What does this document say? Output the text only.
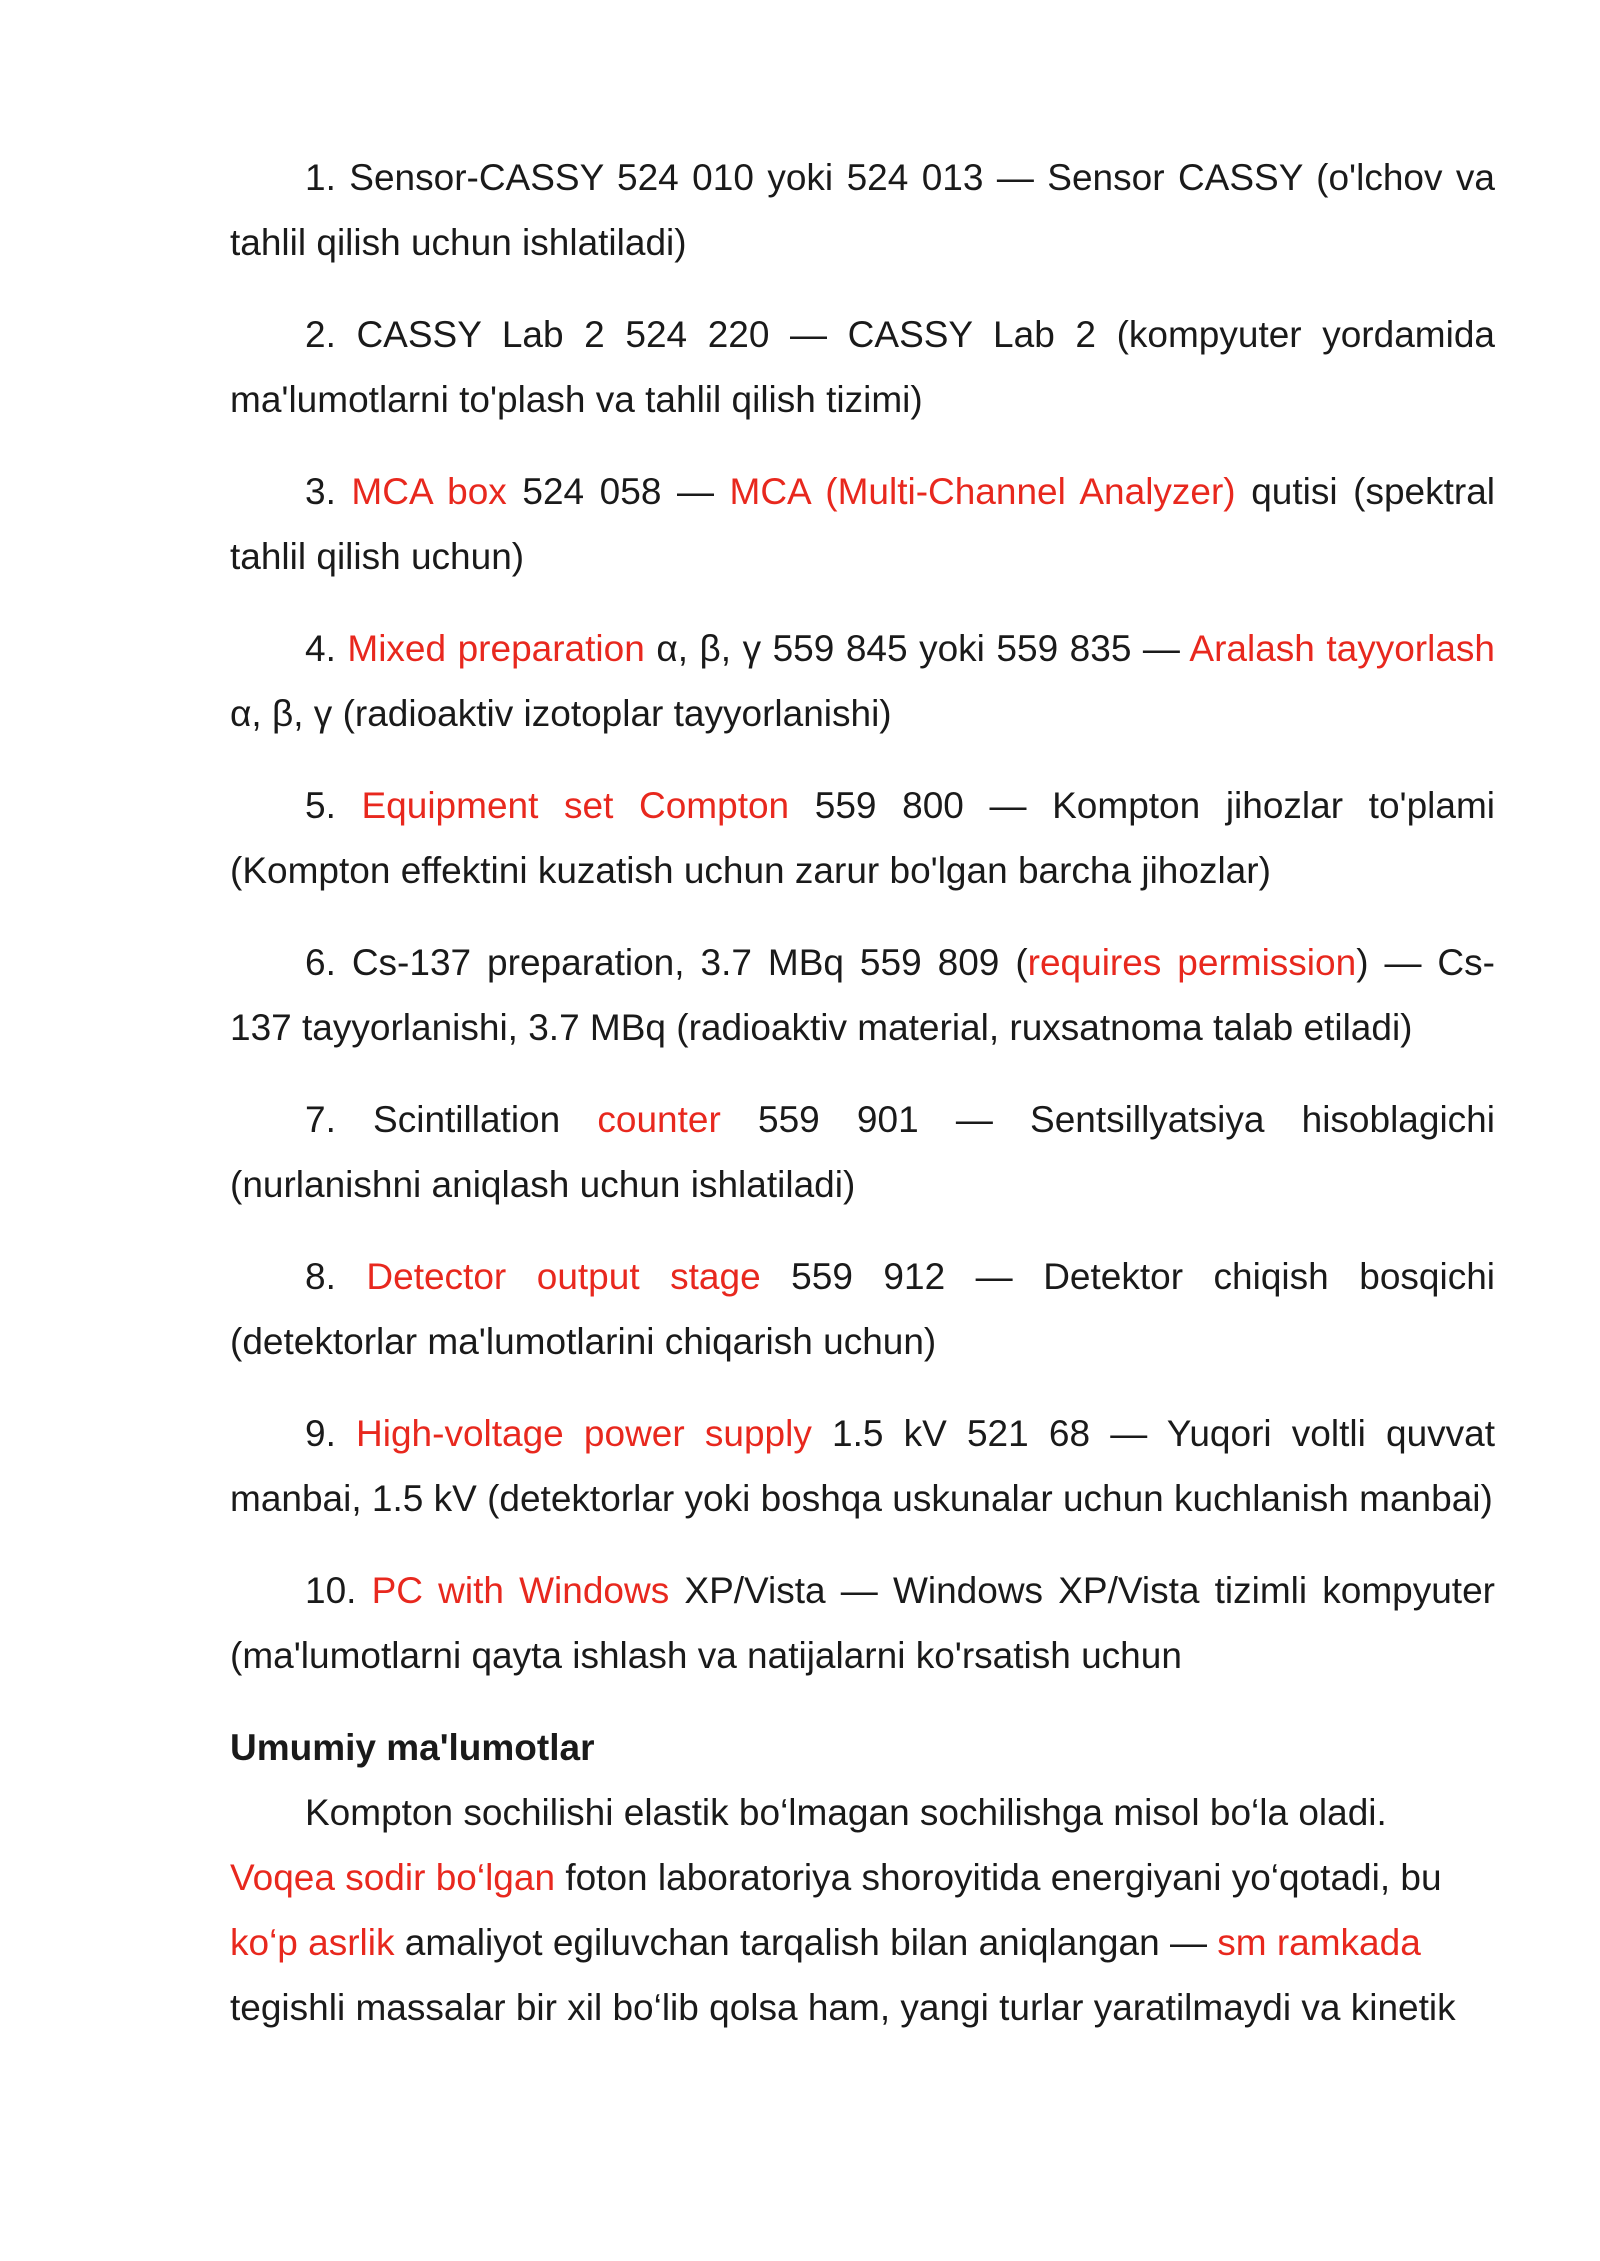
1. Sensor-CASSY 524 010 yoki 524 013 — Sensor CASSY (o'lchov va tahlil qilish uchun ishlatiladi)

2. CASSY Lab 2 524 220 — CASSY Lab 2 (kompyuter yordamida ma'lumotlarni to'plash va tahlil qilish tizimi)

3. MCA box 524 058 — MCA (Multi-Channel Analyzer) qutisi (spektral tahlil qilish uchun)

4. Mixed preparation α, β, γ 559 845 yoki 559 835 — Aralash tayyorlash α, β, γ (radioaktiv izotoplar tayyorlanishi)

5. Equipment set Compton 559 800 — Kompton jihozlar to'plami (Kompton effektini kuzatish uchun zarur bo'lgan barcha jihozlar)

6. Cs-137 preparation, 3.7 MBq 559 809 (requires permission) — Cs-137 tayyorlanishi, 3.7 MBq (radioaktiv material, ruxsatnoma talab etiladi)

7. Scintillation counter 559 901 — Sentsillyatsiya hisoblagichi (nurlanishni aniqlash uchun ishlatiladi)

8. Detector output stage 559 912 — Detektor chiqish bosqichi (detektorlar ma'lumotlarini chiqarish uchun)

9. High-voltage power supply 1.5 kV 521 68 — Yuqori voltli quvvat manbai, 1.5 kV (detektorlar yoki boshqa uskunalar uchun kuchlanish manbai)

10. PC with Windows XP/Vista — Windows XP/Vista tizimli kompyuter (ma'lumotlarni qayta ishlash va natijalarni ko'rsatish uchun

Umumiy ma'lumotlar

Kompton sochilishi elastik bo‘lmagan sochilishga misol bo‘la oladi. Voqea sodir bo‘lgan foton laboratoriya shoroyitida energiyani yo‘qotadi, bu ko‘p asrlik amaliyot egiluvchan tarqalish bilan aniqlangan — sm ramkada tegishli massalar bir xil bo‘lib qolsa ham, yangi turlar yaratilmaydi va kinetik
